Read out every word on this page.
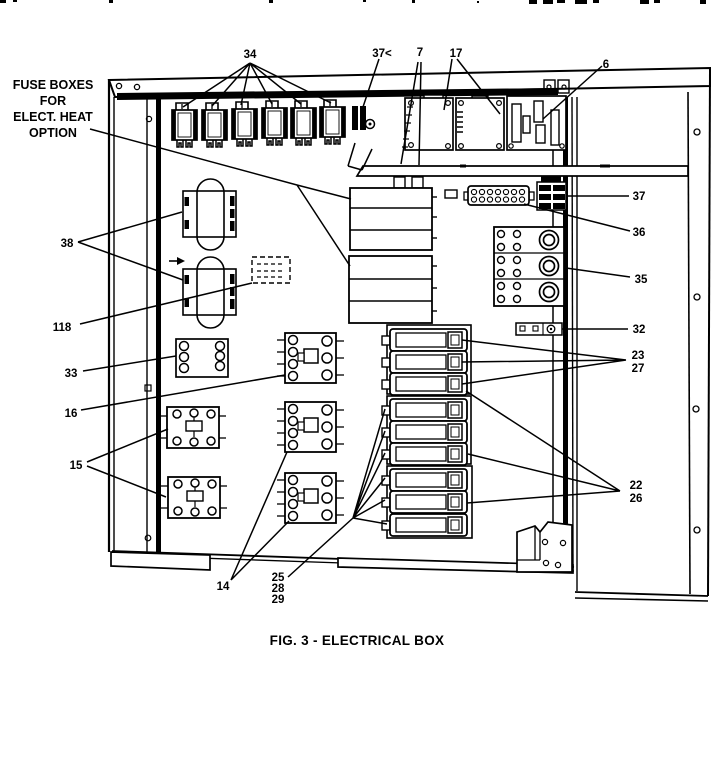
34	37< 7 17
6
37
36
35
32
23
27
22
26
38
118
33
16
15
14
25
28
29
FUSE BOXES
FOR
ELECT. HEAT
OPTION
FIG. 3 - ELECTRICAL BOX
